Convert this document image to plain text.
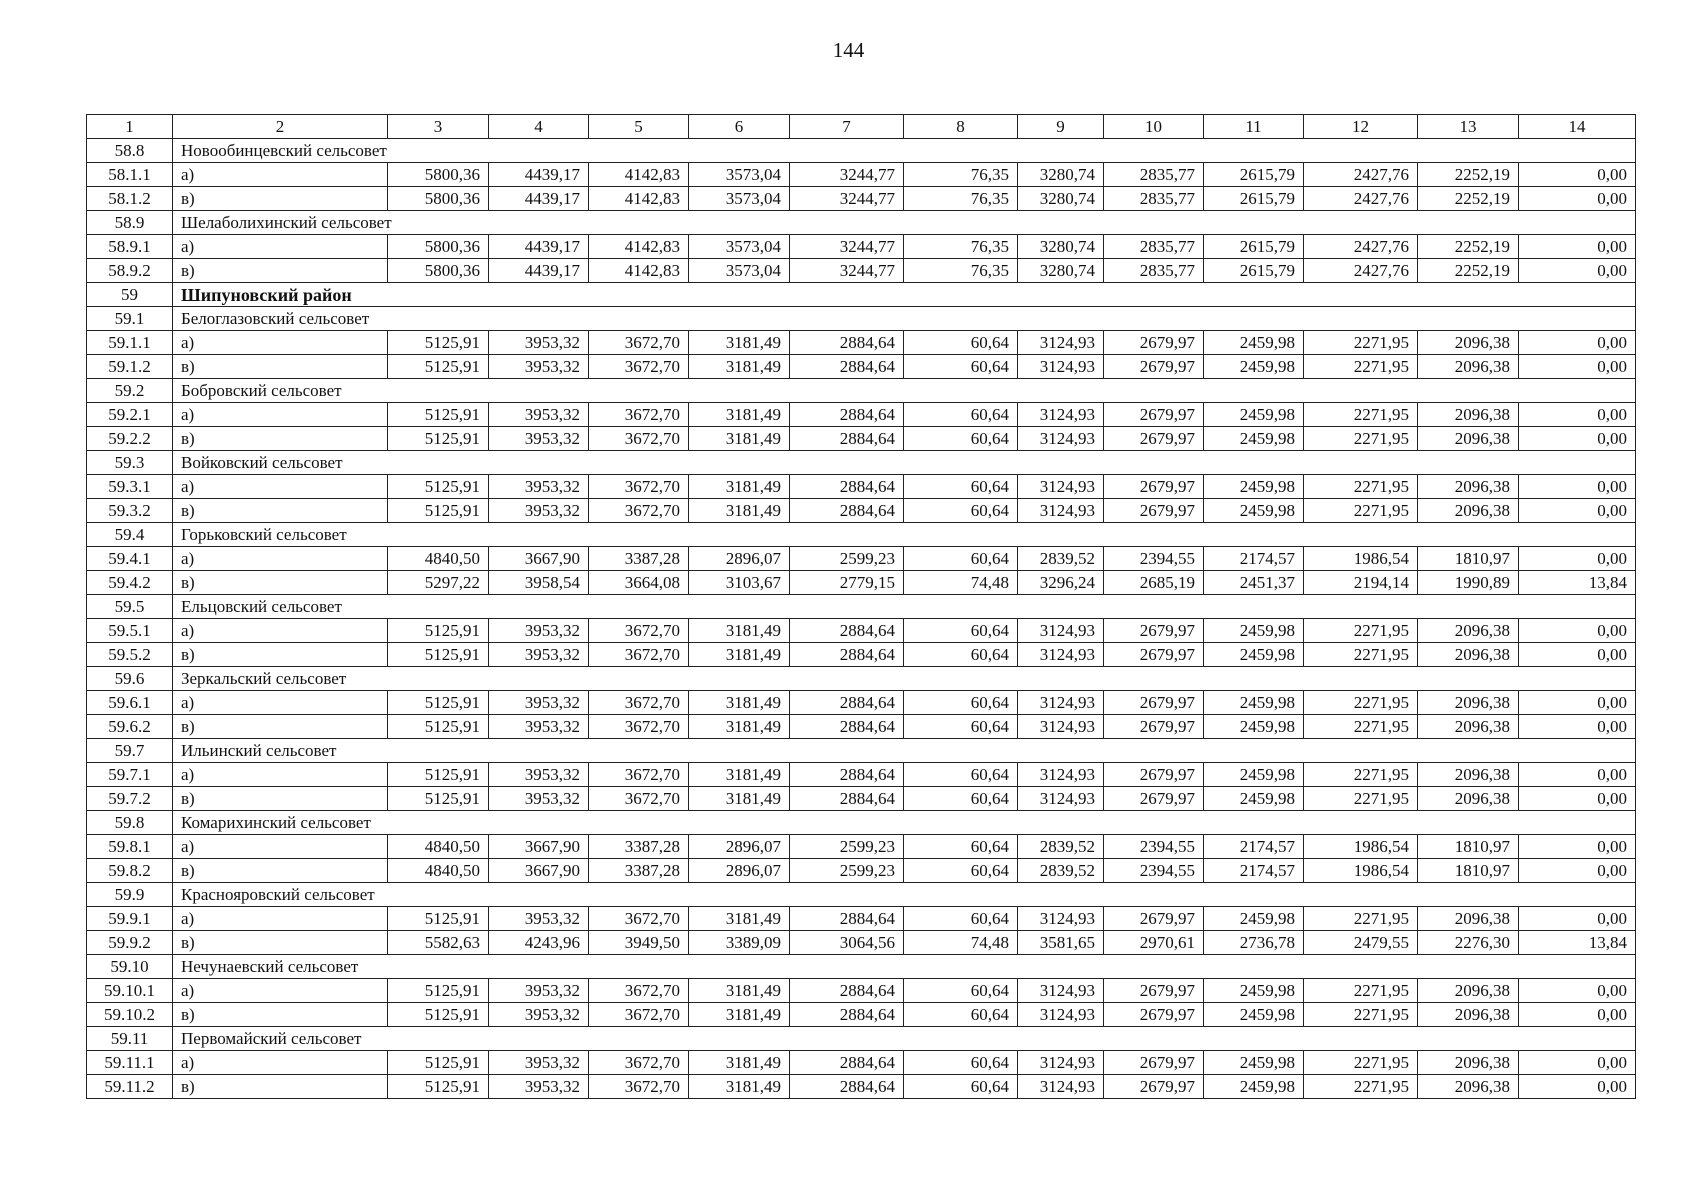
144
1	2	3	4	5	6	7	8	9	10	11	12	13	14
58.8	Новообинцевский сельсовет												
58.1.1	а)	5800,36	4439,17	4142,83	3573,04	3244,77	76,35	3280,74	2835,77	2615,79	2427,76	2252,19	0,00
58.1.2	в)	5800,36	4439,17	4142,83	3573,04	3244,77	76,35	3280,74	2835,77	2615,79	2427,76	2252,19	0,00
58.9	Шелаболихинский сельсовет												
58.9.1	а)	5800,36	4439,17	4142,83	3573,04	3244,77	76,35	3280,74	2835,77	2615,79	2427,76	2252,19	0,00
58.9.2	в)	5800,36	4439,17	4142,83	3573,04	3244,77	76,35	3280,74	2835,77	2615,79	2427,76	2252,19	0,00
59	Шипуновский район												
59.1	Белоглазовский сельсовет												
59.1.1	а)	5125,91	3953,32	3672,70	3181,49	2884,64	60,64	3124,93	2679,97	2459,98	2271,95	2096,38	0,00
59.1.2	в)	5125,91	3953,32	3672,70	3181,49	2884,64	60,64	3124,93	2679,97	2459,98	2271,95	2096,38	0,00
59.2	Бобровский сельсовет												
59.2.1	а)	5125,91	3953,32	3672,70	3181,49	2884,64	60,64	3124,93	2679,97	2459,98	2271,95	2096,38	0,00
59.2.2	в)	5125,91	3953,32	3672,70	3181,49	2884,64	60,64	3124,93	2679,97	2459,98	2271,95	2096,38	0,00
59.3	Войковский сельсовет												
59.3.1	а)	5125,91	3953,32	3672,70	3181,49	2884,64	60,64	3124,93	2679,97	2459,98	2271,95	2096,38	0,00
59.3.2	в)	5125,91	3953,32	3672,70	3181,49	2884,64	60,64	3124,93	2679,97	2459,98	2271,95	2096,38	0,00
59.4	Горьковский сельсовет												
59.4.1	а)	4840,50	3667,90	3387,28	2896,07	2599,23	60,64	2839,52	2394,55	2174,57	1986,54	1810,97	0,00
59.4.2	в)	5297,22	3958,54	3664,08	3103,67	2779,15	74,48	3296,24	2685,19	2451,37	2194,14	1990,89	13,84
59.5	Ельцовский сельсовет												
59.5.1	а)	5125,91	3953,32	3672,70	3181,49	2884,64	60,64	3124,93	2679,97	2459,98	2271,95	2096,38	0,00
59.5.2	в)	5125,91	3953,32	3672,70	3181,49	2884,64	60,64	3124,93	2679,97	2459,98	2271,95	2096,38	0,00
59.6	Зеркальский сельсовет												
59.6.1	а)	5125,91	3953,32	3672,70	3181,49	2884,64	60,64	3124,93	2679,97	2459,98	2271,95	2096,38	0,00
59.6.2	в)	5125,91	3953,32	3672,70	3181,49	2884,64	60,64	3124,93	2679,97	2459,98	2271,95	2096,38	0,00
59.7	Ильинский сельсовет												
59.7.1	а)	5125,91	3953,32	3672,70	3181,49	2884,64	60,64	3124,93	2679,97	2459,98	2271,95	2096,38	0,00
59.7.2	в)	5125,91	3953,32	3672,70	3181,49	2884,64	60,64	3124,93	2679,97	2459,98	2271,95	2096,38	0,00
59.8	Комарихинский сельсовет												
59.8.1	а)	4840,50	3667,90	3387,28	2896,07	2599,23	60,64	2839,52	2394,55	2174,57	1986,54	1810,97	0,00
59.8.2	в)	4840,50	3667,90	3387,28	2896,07	2599,23	60,64	2839,52	2394,55	2174,57	1986,54	1810,97	0,00
59.9	Краснояровский сельсовет												
59.9.1	а)	5125,91	3953,32	3672,70	3181,49	2884,64	60,64	3124,93	2679,97	2459,98	2271,95	2096,38	0,00
59.9.2	в)	5582,63	4243,96	3949,50	3389,09	3064,56	74,48	3581,65	2970,61	2736,78	2479,55	2276,30	13,84
59.10	Нечунаевский сельсовет												
59.10.1	а)	5125,91	3953,32	3672,70	3181,49	2884,64	60,64	3124,93	2679,97	2459,98	2271,95	2096,38	0,00
59.10.2	в)	5125,91	3953,32	3672,70	3181,49	2884,64	60,64	3124,93	2679,97	2459,98	2271,95	2096,38	0,00
59.11	Первомайский сельсовет												
59.11.1	а)	5125,91	3953,32	3672,70	3181,49	2884,64	60,64	3124,93	2679,97	2459,98	2271,95	2096,38	0,00
59.11.2	в)	5125,91	3953,32	3672,70	3181,49	2884,64	60,64	3124,93	2679,97	2459,98	2271,95	2096,38	0,00
